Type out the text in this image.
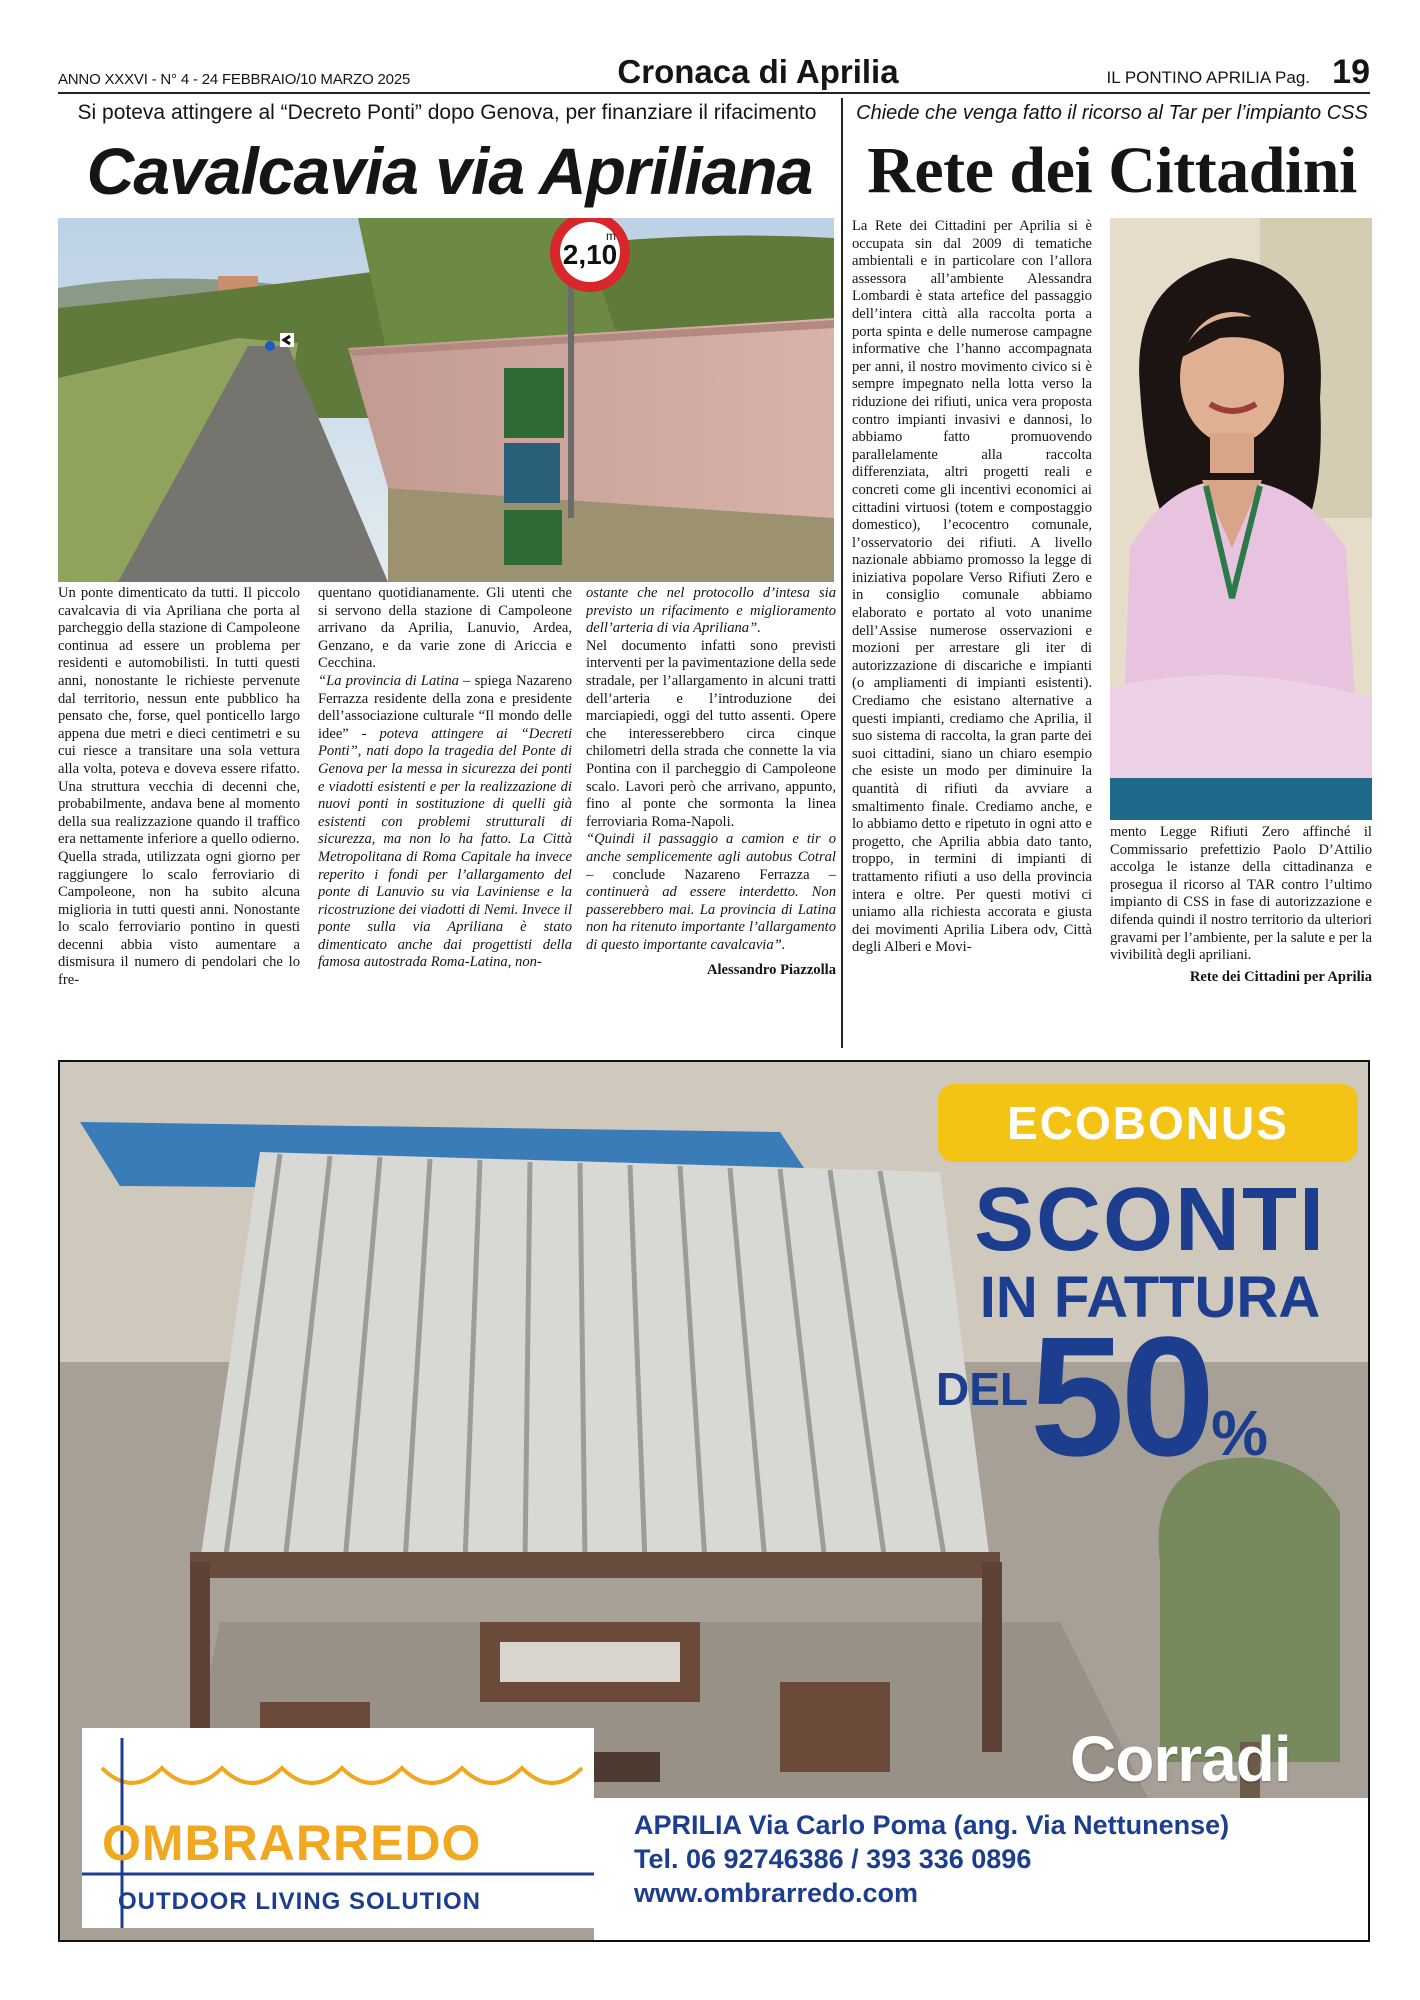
ANNO XXXVI - N° 4 - 24 FEBBRAIO/10 MARZO 2025	Cronaca di Aprilia	IL PONTINO APRILIA Pag. 19
Si poteva attingere al “Decreto Ponti” dopo Genova, per finanziare il rifacimento
Cavalcavia via Apriliana
2,10
m

Un ponte dimenticato da tutti. Il piccolo cavalcavia di via Apriliana che porta al parcheggio della stazione di Campoleone continua ad essere un problema per residenti e automobilisti. In tutti questi anni, nonostante le richieste pervenute dal territorio, nessun ente pubblico ha pensato che, forse, quel ponticello largo appena due metri e dieci centimetri e su cui riesce a transitare una sola vettura alla volta, poteva e doveva essere rifatto. Una struttura vecchia di decenni che, probabilmente, andava bene al momento della sua realizzazione quando il traffico era nettamente inferiore a quello odierno.

Quella strada, utilizzata ogni giorno per raggiungere lo scalo ferroviario di Campoleone, non ha subito alcuna miglioria in tutti questi anni. Nonostante lo scalo ferroviario pontino in questi decenni abbia visto aumentare a dismisura il numero di pendolari che lo fre-

quentano quotidianamente. Gli utenti che si servono della stazione di Campoleone arrivano da Aprilia, Lanuvio, Ardea, Genzano, e da varie zone di Ariccia e Cecchina.

“La provincia di Latina – spiega Nazareno Ferrazza residente della zona e presidente dell’associazione culturale “Il mondo delle idee” - poteva attingere ai “Decreti Ponti”, nati dopo la tragedia del Ponte di Genova per la messa in sicurezza dei ponti e viadotti esistenti e per la realizzazione di nuovi ponti in sostituzione di quelli già esistenti con problemi strutturali di sicurezza, ma non lo ha fatto. La Città Metropolitana di Roma Capitale ha invece reperito i fondi per l’allargamento del ponte di Lanuvio su via Laviniense e la ricostruzione dei viadotti di Nemi. Invece il ponte sulla via Apriliana è stato dimenticato anche dai progettisti della famosa autostrada Roma-Latina, non-

ostante che nel protocollo d’intesa sia previsto un rifacimento e miglioramento dell’arteria di via Apriliana”.

Nel documento infatti sono previsti interventi per la pavimentazione della sede stradale, per l’allargamento in alcuni tratti dell’arteria e l’introduzione dei marciapiedi, oggi del tutto assenti. Opere che interesserebbero circa cinque chilometri della strada che connette la via Pontina con il parcheggio di Campoleone scalo. Lavori però che arrivano, appunto, fino al ponte che sormonta la linea ferroviaria Roma-Napoli.

“Quindi il passaggio a camion e tir o anche semplicemente agli autobus Cotral – conclude Nazareno Ferrazza – continuerà ad essere interdetto. Non passerebbero mai. La provincia di Latina non ha ritenuto importante l’allargamento di questo importante cavalcavia”.

Alessandro Piazzolla

Chiede che venga fatto il ricorso al Tar per l’impianto CSS
Rete dei Cittadini

La Rete dei Cittadini per Aprilia si è occupata sin dal 2009 di tematiche ambientali e in particolare con l’allora assessora all’ambiente Alessandra Lombardi è stata artefice del passaggio dell’intera città alla raccolta porta a porta spinta e delle numerose campagne informative che l’hanno accompagnata per anni, il nostro movimento civico si è sempre impegnato nella lotta verso la riduzione dei rifiuti, unica vera proposta contro impianti invasivi e dannosi, lo abbiamo fatto promuovendo parallelamente alla raccolta differenziata, altri progetti reali e concreti come gli incentivi economici ai cittadini virtuosi (totem e compostaggio domestico), l’ecocentro comunale, l’osservatorio dei rifiuti. A livello nazionale abbiamo promosso la legge di iniziativa popolare Verso Rifiuti Zero e in consiglio comunale abbiamo elaborato e portato al voto unanime dell’Assise numerose osservazioni e mozioni per arrestare gli iter di autorizzazione di discariche e impianti (o ampliamenti di impianti esistenti). Crediamo che esistano alternative a questi impianti, crediamo che Aprilia, il suo sistema di raccolta, la gran parte dei suoi cittadini, siano un chiaro esempio che esiste un modo per diminuire la quantità di rifiuti da avviare a smaltimento finale. Crediamo anche, e lo abbiamo detto e ripetuto in ogni atto e progetto, che Aprilia abbia dato tanto, troppo, in termini di impianti di trattamento rifiuti a uso della provincia intera e oltre. Per questi motivi ci uniamo alla richiesta accorata e giusta dei movimenti Aprilia Libera odv, Città degli Alberi e Movi-

mento Legge Rifiuti Zero affinché il Commissario prefettizio Paolo D’Attilio accolga le istanze della cittadinanza e prosegua il ricorso al TAR contro l’ultimo impianto di CSS in fase di autorizzazione e difenda quindi il nostro territorio da ulteriori gravami per l’ambiente, per la salute e per la vivibilità degli apriliani.

Rete dei Cittadini per Aprilia

ECOBONUS
SCONTI
IN FATTURA
DEL 50%
Corradi
OMBRARREDO
OUTDOOR LIVING SOLUTION
APRILIA Via Carlo Poma (ang. Via Nettunense)
Tel. 06 92746386 / 393 336 0896
www.ombrarredo.com
